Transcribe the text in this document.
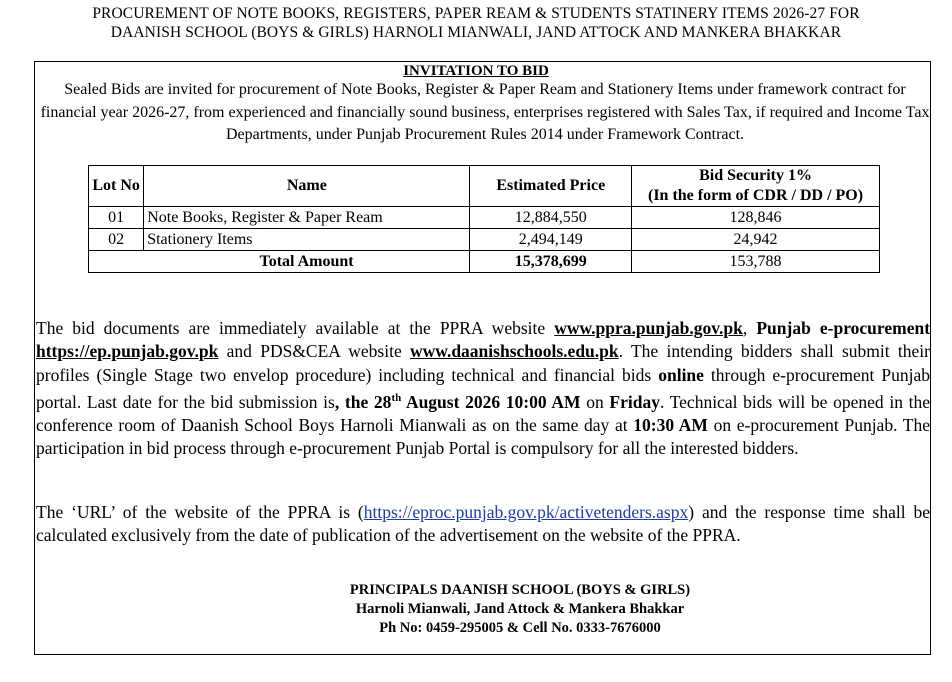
PROCUREMENT OF NOTE BOOKS, REGISTERS, PAPER REAM & STUDENTS STATINERY ITEMS 2026-27 FOR
DAANISH SCHOOL (BOYS & GIRLS) HARNOLI MIANWALI, JAND ATTOCK AND MANKERA BHAKKAR
INVITATION TO BID
Sealed Bids are invited for procurement of Note Books, Register & Paper Ream and Stationery Items under framework contract for financial year 2026-27, from experienced and financially sound business, enterprises registered with Sales Tax, if required and Income Tax Departments, under Punjab Procurement Rules 2014 under Framework Contract.
Lot No	Name	Estimated Price	Bid Security 1%
(In the form of CDR / DD / PO)

01	Note Books, Register & Paper Ream	12,884,550	128,846
02	Stationery Items	2,494,149	24,942
	Total Amount	15,378,699	153,788
The bid documents are immediately available at the PPRA website www.ppra.punjab.gov.pk, Punjab e-procurement https://ep.punjab.gov.pk and PDS&CEA website www.daanishschools.edu.pk. The intending bidders shall submit their profiles (Single Stage two envelop procedure) including technical and financial bids online through e-procurement Punjab portal. Last date for the bid submission is, the 28th August 2026 10:00 AM on Friday. Technical bids will be opened in the conference room of Daanish School Boys Harnoli Mianwali as on the same day at 10:30 AM on e-procurement Punjab. The participation in bid process through e-procurement Punjab Portal is compulsory for all the interested bidders.
The ‘URL’ of the website of the PPRA is (https://eproc.punjab.gov.pk/activetenders.aspx) and the response time shall be calculated exclusively from the date of publication of the advertisement on the website of the PPRA.
PRINCIPALS DAANISH SCHOOL (BOYS & GIRLS)
Harnoli Mianwali, Jand Attock & Mankera Bhakkar
Ph No: 0459-295005 & Cell No. 0333-7676000
